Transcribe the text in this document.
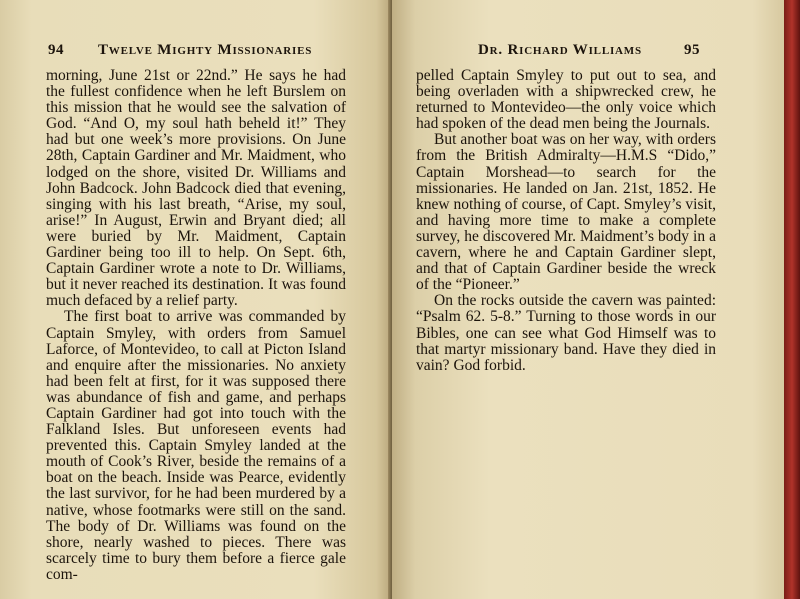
94 Twelve Mighty Missionaries

morning, June 21st or 22nd.” He says he had the fullest confidence when he left Burslem on this mission that he would see the salvation of God. “And O, my soul hath beheld it!” They had but one week’s more provisions. On June 28th, Captain Gardiner and Mr. Maidment, who lodged on the shore, visited Dr. Williams and John Badcock. John Badcock died that evening, singing with his last breath, “Arise, my soul, arise!” In August, Erwin and Bryant died; all were buried by Mr. Maidment, Captain Gardiner being too ill to help. On Sept. 6th, Captain Gardiner wrote a note to Dr. Williams, but it never reached its destination. It was found much defaced by a relief party.

The first boat to arrive was commanded by Captain Smyley, with orders from Samuel Laforce, of Montevideo, to call at Picton Island and enquire after the missionaries. No anxiety had been felt at first, for it was supposed there was abundance of fish and game, and perhaps Captain Gardiner had got into touch with the Falkland Isles. But unforeseen events had prevented this. Captain Smyley landed at the mouth of Cook’s River, beside the remains of a boat on the beach. Inside was Pearce, evidently the last survivor, for he had been murdered by a native, whose footmarks were still on the sand. The body of Dr. Williams was found on the shore, nearly washed to pieces. There was scarcely time to bury them before a fierce gale com-

Dr. Richard Williams	95

pelled Captain Smyley to put out to sea, and being overladen with a shipwrecked crew, he returned to Montevideo—the only voice which had spoken of the dead men being the Journals.

But another boat was on her way, with orders from the British Admiralty—H.M.S “Dido,” Captain Morshead—to search for the missionaries. He landed on Jan. 21st, 1852. He knew nothing of course, of Capt. Smyley’s visit, and having more time to make a complete survey, he discovered Mr. Maidment’s body in a cavern, where he and Captain Gardiner slept, and that of Captain Gardiner beside the wreck of the “Pioneer.”

On the rocks outside the cavern was painted: “Psalm 62. 5-8.” Turning to those words in our Bibles, one can see what God Himself was to that martyr missionary band. Have they died in vain? God forbid.
